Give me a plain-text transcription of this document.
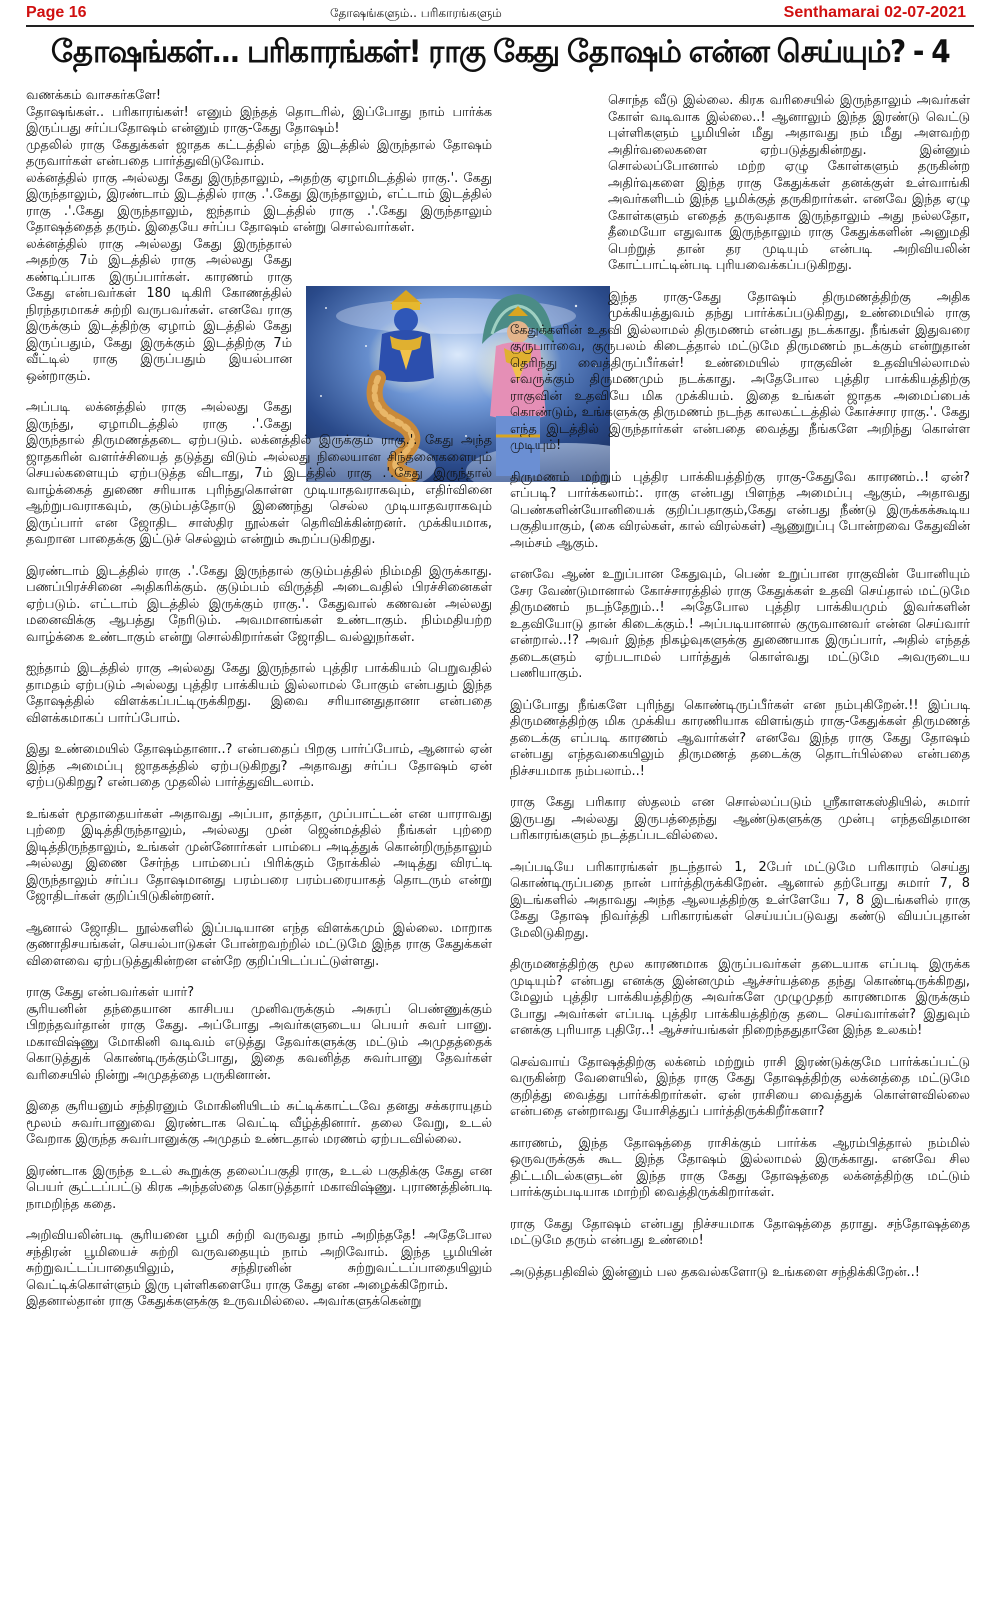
Page 16	தோஷங்களும்.. பரிகாரங்களும்	Senthamarai 02-07-2021
தோஷங்கள்... பரிகாரங்கள்! ராகு கேது தோஷம் என்ன செய்யும்? - 4

வணக்கம் வாசகர்களே!

தோஷங்கள்.. பரிகாரங்கள்! எனும் இந்தத் தொடரில், இப்போது நாம் பார்க்க இருப்பது சர்ப்பதோஷம் என்னும் ராகு-கேது தோஷம்!

முதலில் ராகு கேதுக்கள் ஜாதக கட்டத்தில் எந்த இடத்தில் இருந்தால் தோஷம் தருவார்கள் என்பதை பார்த்துவிடுவோம்.

லக்னத்தில் ராகு அல்லது கேது இருந்தாலும், அதற்கு ஏழாமிடத்தில் ராகு.'. கேது இருந்தாலும், இரண்டாம் இடத்தில் ராகு .'.கேது இருந்தாலும், எட்டாம் இடத்தில் ராகு .'.கேது இருந்தாலும், ஐந்தாம் இடத்தில் ராகு .'.கேது இருந்தாலும் தோஷத்தைத் தரும். இதையே சர்ப்ப தோஷம் என்று சொல்வார்கள்.

லக்னத்தில் ராகு அல்லது கேது இருந்தால் அதற்கு 7ம் இடத்தில் ராகு அல்லது கேது கண்டிப்பாக இருப்பார்கள். காரணம் ராகு கேது என்பவர்கள் 180 டிகிரி கோணத்தில் நிரந்தரமாகச் சுற்றி வருபவர்கள். எனவே ராகு இருக்கும் இடத்திற்கு ஏழாம் இடத்தில் கேது இருப்பதும், கேது இருக்கும் இடத்திற்கு 7ம் வீட்டில் ராகு இருப்பதும் இயல்பான ஒன்றாகும்.

அப்படி லக்னத்தில் ராகு அல்லது கேது இருந்து, ஏழாமிடத்தில் ராகு .'.கேது இருந்தால் திருமணத்தடை ஏற்படும். லக்னத்தில் இருக்கும் ராகு.'. கேது அந்த ஜாதகரின் வளர்ச்சியைத் தடுத்து விடும் அல்லது நிலையான சிந்தனைகளையும் செயல்களையும் ஏற்படுத்த விடாது, 7ம் இடத்தில் ராகு .'.கேது இருந்தால் வாழ்க்கைத் துணை சரியாக புரிந்துகொள்ள முடியாதவராகவும், எதிர்வினை ஆற்றுபவராகவும், குடும்பத்தோடு இணைந்து செல்ல முடியாதவராகவும் இருப்பார் என ஜோதிட சாஸ்திர நூல்கள் தெரிவிக்கின்றனர். முக்கியமாக, தவறான பாதைக்கு இட்டுச் செல்லும் என்றும் கூறப்படுகிறது.

இரண்டாம் இடத்தில் ராகு .'.கேது இருந்தால் குடும்பத்தில் நிம்மதி இருக்காது. பணப்பிரச்சினை அதிகரிக்கும். குடும்பம் விருத்தி அடைவதில் பிரச்சினைகள் ஏற்படும். எட்டாம் இடத்தில் இருக்கும் ராகு.'. கேதுவால் கணவன் அல்லது மனைவிக்கு ஆபத்து நேரிடும். அவமானங்கள் உண்டாகும். நிம்மதியற்ற வாழ்க்கை உண்டாகும் என்று சொல்கிறார்கள் ஜோதிட வல்லுநர்கள்.

ஐந்தாம் இடத்தில் ராகு அல்லது கேது இருந்தால் புத்திர பாக்கியம் பெறுவதில் தாமதம் ஏற்படும் அல்லது புத்திர பாக்கியம் இல்லாமல் போகும் என்பதும் இந்த தோஷத்தில் விளக்கப்பட்டிருக்கிறது. இவை சரியானதுதானா என்பதை விளக்கமாகப் பார்ப்போம்.

இது உண்மையில் தோஷம்தானா..? என்பதைப் பிறகு பார்ப்போம், ஆனால் ஏன் இந்த அமைப்பு ஜாதகத்தில் ஏற்படுகிறது? அதாவது சர்ப்ப தோஷம் ஏன் ஏற்படுகிறது? என்பதை முதலில் பார்த்துவிடலாம்.

உங்கள் மூதாதையர்கள் அதாவது அப்பா, தாத்தா, முப்பாட்டன் என யாராவது புற்றை இடித்திருந்தாலும், அல்லது முன் ஜென்மத்தில் நீங்கள் புற்றை இடித்திருந்தாலும், உங்கள் முன்னோர்கள் பாம்பை அடித்துக் கொன்றிருந்தாலும் அல்லது இணை சேர்ந்த பாம்பைப் பிரிக்கும் நோக்கில் அடித்து விரட்டி இருந்தாலும் சர்ப்ப தோஷமானது பரம்பரை பரம்பரையாகத் தொடரும் என்று ஜோதிடர்கள் குறிப்பிடுகின்றனர்.

ஆனால் ஜோதிட நூல்களில் இப்படியான எந்த விளக்கமும் இல்லை. மாறாக குணாதிசயங்கள், செயல்பாடுகள் போன்றவற்றில் மட்டுமே இந்த ராகு கேதுக்கள் விளைவை ஏற்படுத்துகின்றன என்றே குறிப்பிடப்பட்டுள்ளது.

ராகு கேது என்பவர்கள் யார்?

சூரியனின் தந்தையான காசிபய முனிவருக்கும் அசுரப் பெண்ணுக்கும் பிறந்தவர்தான் ராகு கேது. அப்போது அவர்களுடைய பெயர் சுவர் பானு. மகாவிஷ்ணு மோகினி வடிவம் எடுத்து தேவர்களுக்கு மட்டும் அமுதத்தைக் கொடுத்துக் கொண்டிருக்கும்போது, இதை கவனித்த சுவர்பானு தேவர்கள் வரிசையில் நின்று அமுதத்தை பருகினான்.

இதை சூரியனும் சந்திரனும் மோகினியிடம் சுட்டிக்காட்டவே தனது சக்கராயுதம் மூலம் சுவர்பானுவை இரண்டாக வெட்டி வீழ்த்தினார். தலை வேறு, உடல் வேறாக இருந்த சுவர்பானுக்கு அமுதம் உண்டதால் மரணம் ஏற்படவில்லை.

இரண்டாக இருந்த உடல் கூறுக்கு தலைப்பகுதி ராகு, உடல் பகுதிக்கு கேது என பெயர் சூட்டப்பட்டு கிரக அந்தஸ்தை கொடுத்தார் மகாவிஷ்ணு. புராணத்தின்படி நாமறிந்த கதை.

அறிவியலின்படி சூரியனை பூமி சுற்றி வருவது நாம் அறிந்ததே! அதேபோல சந்திரன் பூமியைச் சுற்றி வருவதையும் நாம் அறிவோம். இந்த பூமியின் சுற்றுவட்டப்பாதையிலும், சந்திரனின் சுற்றுவட்டப்பாதையிலும் வெட்டிக்கொள்ளும் இரு புள்ளிகளையே ராகு கேது என அழைக்கிறோம்.

இதனால்தான் ராகு கேதுக்களுக்கு உருவமில்லை. அவர்களுக்கென்று

சொந்த வீடு இல்லை. கிரக வரிசையில் இருந்தாலும் அவர்கள் கோள் வடிவாக இல்லை..! ஆனாலும் இந்த இரண்டு வெட்டு புள்ளிகளும் பூமியின் மீது அதாவது நம் மீது அளவற்ற அதிர்வலைகளை ஏற்படுத்துகின்றது. இன்னும் சொல்லப்போனால் மற்ற ஏழு கோள்களும் தருகின்ற அதிர்வுகளை இந்த ராகு கேதுக்கள் தனக்குள் உள்வாங்கி அவர்களிடம் இந்த பூமிக்குத் தருகிறார்கள். எனவே இந்த ஏழு கோள்களும் எதைத் தருவதாக இருந்தாலும் அது நல்லதோ, தீமையோ எதுவாக இருந்தாலும் ராகு கேதுக்களின் அனுமதி பெற்றுத் தான் தர முடியும் என்படி அறிவியலின் கோட்பாட்டின்படி புரியவைக்கப்படுகிறது.

இந்த ராகு-கேது தோஷம் திருமணத்திற்கு அதிக முக்கியத்துவம் தந்து பார்க்கப்படுகிறது, உண்மையில் ராகு கேதுக்களின் உதவி இல்லாமல் திருமணம் என்பது நடக்காது. நீங்கள் இதுவரை குருபார்வை, குருபலம் கிடைத்தால் மட்டுமே திருமணம் நடக்கும் என்றுதான் தெரிந்து வைத்திருப்பீர்கள்! உண்மையில் ராகுவின் உதவியில்லாமல் எவருக்கும் திருமணமும் நடக்காது. அதேபோல புத்திர பாக்கியத்திற்கு ராகுவின் உதவியே மிக முக்கியம். இதை உங்கள் ஜாதக அமைப்பைக் கொண்டும், உங்களுக்கு திருமணம் நடந்த காலகட்டத்தில் கோச்சார ராகு.'. கேது எந்த இடத்தில் இருந்தார்கள் என்பதை வைத்து நீங்களே அறிந்து கொள்ள முடியும்!

திருமணம் மற்றும் புத்திர பாக்கியத்திற்கு ராகு-கேதுவே காரணம்..! ஏன்? எப்படி? பார்க்கலாம்:. ராகு என்பது பிளந்த அமைப்பு ஆகும், அதாவது பெண்களின்யோனியைக் குறிப்பதாகும்,கேது என்பது நீண்டு இருக்கக்கூடிய பகுதியாகும், (கை விரல்கள், கால் விரல்கள்) ஆணுறுப்பு போன்றவை கேதுவின் அம்சம் ஆகும்.

எனவே ஆண் உறுப்பான கேதுவும், பெண் உறுப்பான ராகுவின் யோனியும் சேர வேண்டுமானால் கோச்சாரத்தில் ராகு கேதுக்கள் உதவி செய்தால் மட்டுமே திருமணம் நடந்தேறும்..! அதேபோல புத்திர பாக்கியமும் இவர்களின் உதவியோடு தான் கிடைக்கும்.! அப்படியானால் குருவானவர் என்ன செய்வார் என்றால்..!? அவர் இந்த நிகழ்வுகளுக்கு துணையாக இருப்பார், அதில் எந்தத் தடைகளும் ஏற்படாமல் பார்த்துக் கொள்வது மட்டுமே அவருடைய பணியாகும்.

இப்போது நீங்களே புரிந்து கொண்டிருப்பீர்கள் என நம்புகிறேன்.!! இப்படி திருமணத்திற்கு மிக முக்கிய காரணியாக விளங்கும் ராகு-கேதுக்கள் திருமணத் தடைக்கு எப்படி காரணம் ஆவார்கள்? எனவே இந்த ராகு கேது தோஷம் என்பது எந்தவகையிலும் திருமணத் தடைக்கு தொடர்பில்லை என்பதை நிச்சயமாக நம்பலாம்..!

ராகு கேது பரிகார ஸ்தலம் என சொல்லப்படும் ஸ்ரீகாளகஸ்தியில், சுமார் இருபது அல்லது இருபத்தைந்து ஆண்டுகளுக்கு முன்பு எந்தவிதமான பரிகாரங்களும் நடத்தப்படவில்லை.

அப்படியே பரிகாரங்கள் நடந்தால் 1, 2பேர் மட்டுமே பரிகாரம் செய்து கொண்டிருப்பதை நான் பார்த்திருக்கிறேன். ஆனால் தற்போது சுமார் 7, 8 இடங்களில் அதாவது அந்த ஆலயத்திற்கு உள்ளேயே 7, 8 இடங்களில் ராகு கேது தோஷ நிவர்த்தி பரிகாரங்கள் செய்யப்படுவது கண்டு வியப்புதான் மேலிடுகிறது.

திருமணத்திற்கு மூல காரணமாக இருப்பவர்கள் தடையாக எப்படி இருக்க முடியும்? என்பது எனக்கு இன்னமும் ஆச்சர்யத்தை தந்து கொண்டிருக்கிறது, மேலும் புத்திர பாக்கியத்திற்கு அவர்களே முழுமுதற் காரணமாக இருக்கும் போது அவர்கள் எப்படி புத்திர பாக்கியத்திற்கு தடை செய்வார்கள்? இதுவும் எனக்கு புரியாத புதிரே..! ஆச்சர்யங்கள் நிறைந்ததுதானே இந்த உலகம்!

செவ்வாய் தோஷத்திற்கு லக்னம் மற்றும் ராசி இரண்டுக்குமே பார்க்கப்பட்டு வருகின்ற வேளையில், இந்த ராகு கேது தோஷத்திற்கு லக்னத்தை மட்டுமே குறித்து வைத்து பார்க்கிறார்கள். ஏன் ராசியை வைத்துக் கொள்ளவில்லை என்பதை என்றாவது யோசித்துப் பார்த்திருக்கிறீர்களா?

காரணம், இந்த தோஷத்தை ராசிக்கும் பார்க்க ஆரம்பித்தால் நம்மில் ஒருவருக்குக் கூட இந்த தோஷம் இல்லாமல் இருக்காது. எனவே சில திட்டமிடல்களுடன் இந்த ராகு கேது தோஷத்தை லக்னத்திற்கு மட்டும் பார்க்கும்படியாக மாற்றி வைத்திருக்கிறார்கள்.

ராகு கேது தோஷம் என்பது நிச்சயமாக தோஷத்தை தராது. சந்தோஷத்தை மட்டுமே தரும் என்பது உண்மை!

அடுத்தபதிவில் இன்னும் பல தகவல்களோடு உங்களை சந்திக்கிறேன்..!
